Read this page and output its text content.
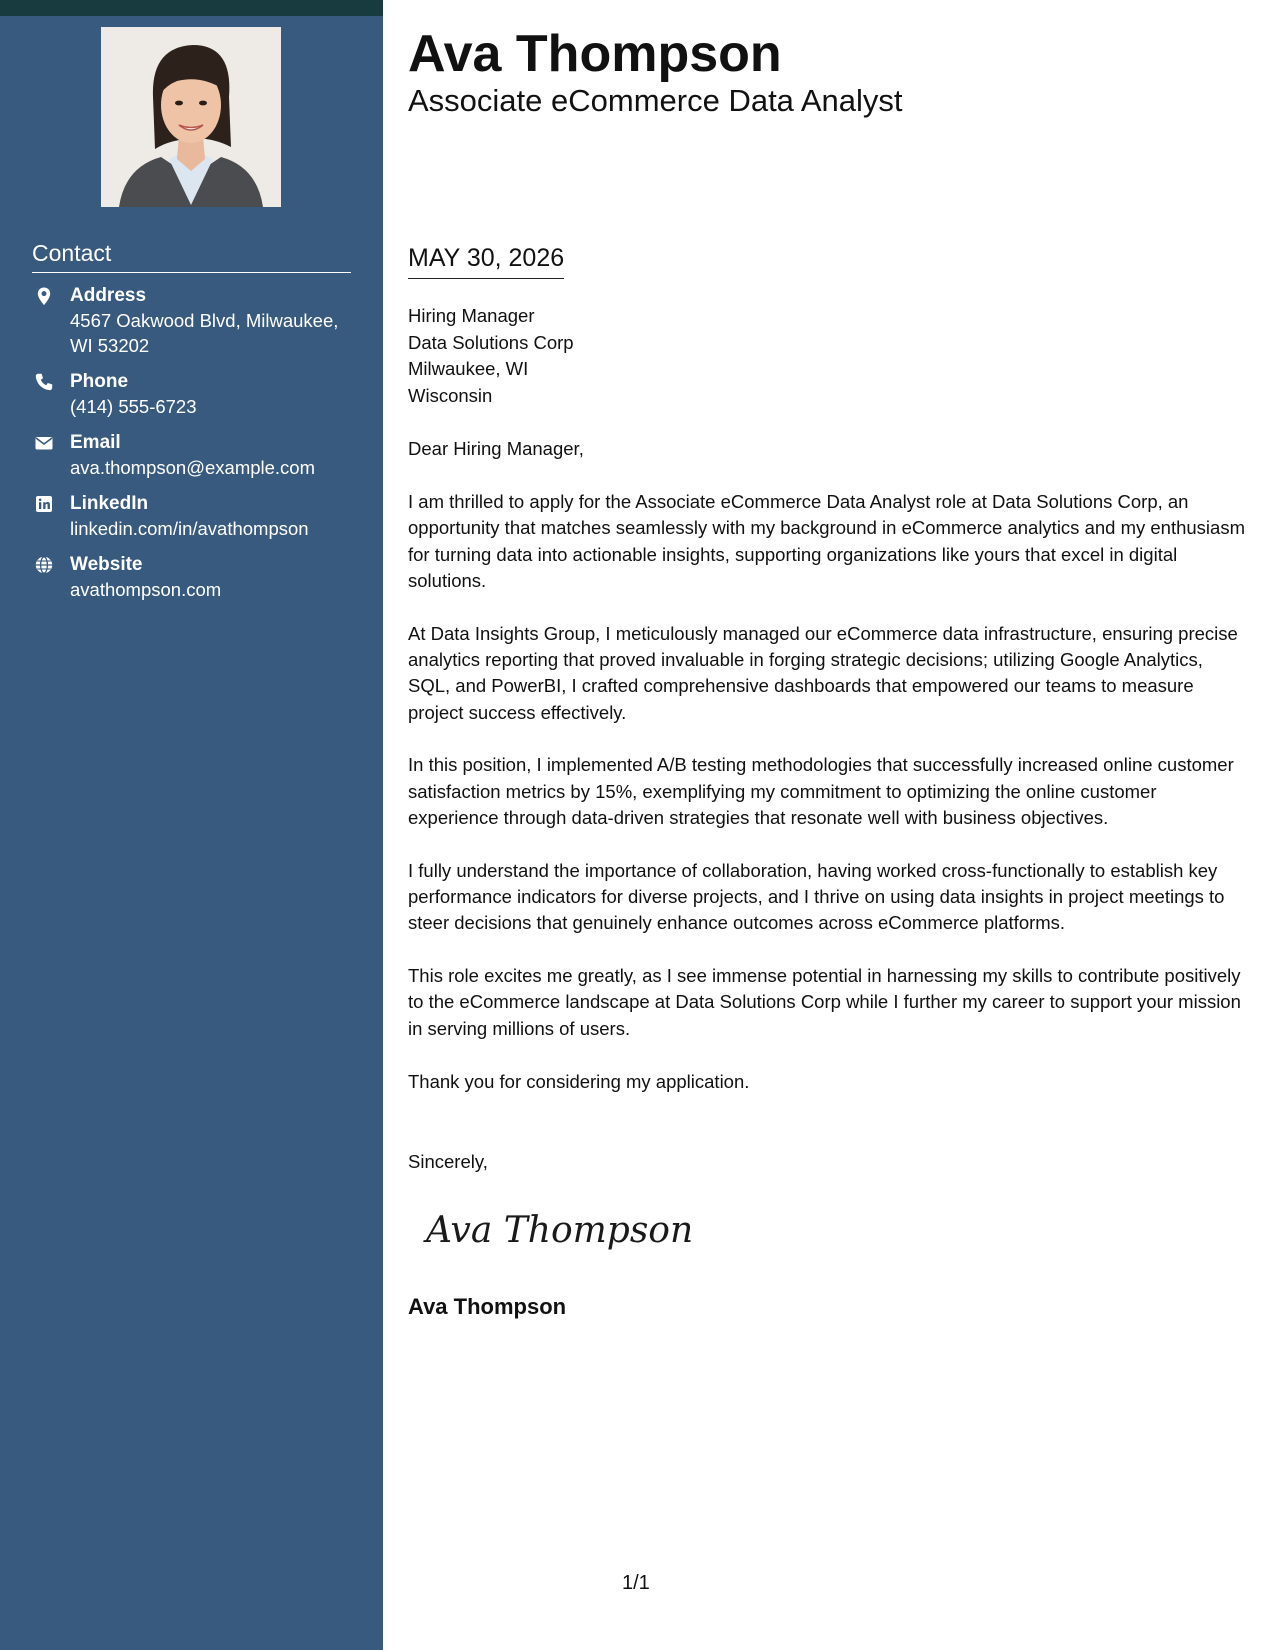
Contact
Address
4567 Oakwood Blvd, Milwaukee,
WI 53202
Phone
(414) 555-6723
Email
ava.thompson@example.com
LinkedIn
linkedin.com/in/avathompson
Website
avathompson.com
Ava Thompson
Associate eCommerce Data Analyst
MAY 30, 2026
Hiring Manager
Data Solutions Corp
Milwaukee, WI
Wisconsin
Dear Hiring Manager,

I am thrilled to apply for the Associate eCommerce Data Analyst role at Data Solutions Corp, an opportunity that matches seamlessly with my background in eCommerce analytics and my enthusiasm for turning data into actionable insights, supporting organizations like yours that excel in digital solutions.

At Data Insights Group, I meticulously managed our eCommerce data infrastructure, ensuring precise analytics reporting that proved invaluable in forging strategic decisions; utilizing Google Analytics, SQL, and PowerBI, I crafted comprehensive dashboards that empowered our teams to measure project success effectively.

In this position, I implemented A/B testing methodologies that successfully increased online customer satisfaction metrics by 15%, exemplifying my commitment to optimizing the online customer experience through data-driven strategies that resonate well with business objectives.

I fully understand the importance of collaboration, having worked cross-functionally to establish key performance indicators for diverse projects, and I thrive on using data insights in project meetings to steer decisions that genuinely enhance outcomes across eCommerce platforms.

This role excites me greatly, as I see immense potential in harnessing my skills to contribute positively to the eCommerce landscape at Data Solutions Corp while I further my career to support your mission in serving millions of users.

Thank you for considering my application.

Sincerely,
Ava Thompson
Ava Thompson
1/1
